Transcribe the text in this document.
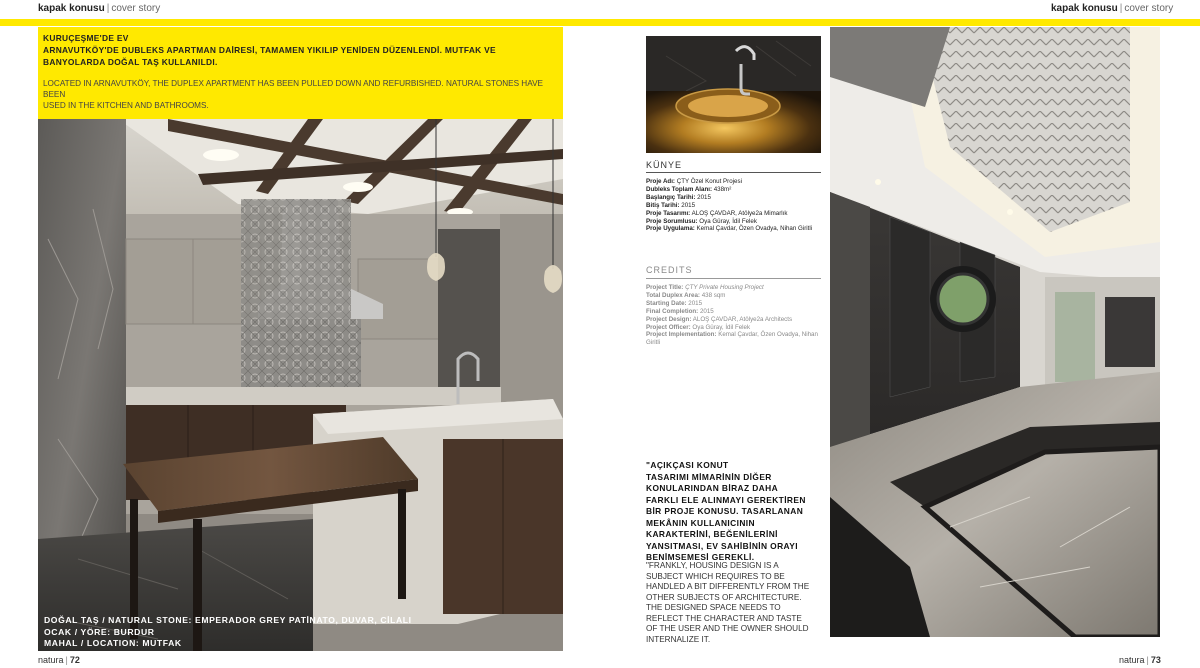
kapak konusu | cover story	kapak konusu | cover story
KURUÇEŞME'DE EV
ARNAVUTKÖY'DE DUBLEKS APARTMAN DAİRESİ, TAMAMEN YIKILIP YENİDEN DÜZENLENDİ. MUTFAK VE
BANYOLARDA DOĞAL TAŞ KULLANILDI.
LOCATED IN ARNAVUTKÖY, THE DUPLEX APARTMENT HAS BEEN PULLED DOWN AND REFURBISHED. NATURAL STONES HAVE BEEN
USED IN THE KITCHEN AND BATHROOMS.
DOĞAL TAŞ / NATURAL STONE: EMPERADOR GREY PATİNATO, DUVAR, CİLALI
OCAK / YÖRE: BURDUR
MAHAL / LOCATION: MUTFAK
KÜNYE
Proje Adı: ÇTY Özel Konut Projesi
Dubleks Toplam Alanı: 438m²
Başlangıç Tarihi: 2015
Bitiş Tarihi: 2015
Proje Tasarımı: ALOŞ ÇAVDAR, Atölye2a Mimarlık
Proje Sorumlusu: Oya Güray, İdil Felek
Proje Uygulama: Kemal Çavdar, Özen Ovadya, Nihan Giritli
CREDITS
Project Title: ÇTY Private Housing Project
Total Duplex Area: 438 sqm
Starting Date: 2015
Final Completion: 2015
Project Design: ALOŞ ÇAVDAR, Atölye2a Architects
Project Officer: Oya Güray, İdil Felek
Project Implementation: Kemal Çavdar, Özen Ovadya, Nihan
Giritli
"AÇIKÇASI KONUT
TASARIMI MİMARİNİN DİĞER
KONULARINDAN BİRAZ DAHA
FARKLI ELE ALINMAYI GEREKTİREN
BİR PROJE KONUSU. TASARLANAN
MEKÂNIN KULLANICININ
KARAKTERİNİ, BEĞENİLERİNİ
YANSITMASI, EV SAHİBİNİN ORAYI
BENİMSEMESİ GEREKLİ.
"FRANKLY, HOUSING DESIGN IS A
SUBJECT WHICH REQUIRES TO BE
HANDLED A BIT DIFFERENTLY FROM THE
OTHER SUBJECTS OF ARCHITECTURE.
THE DESIGNED SPACE NEEDS TO
REFLECT THE CHARACTER AND TASTE
OF THE USER AND THE OWNER SHOULD
INTERNALIZE IT.
natura | 72	natura | 73
